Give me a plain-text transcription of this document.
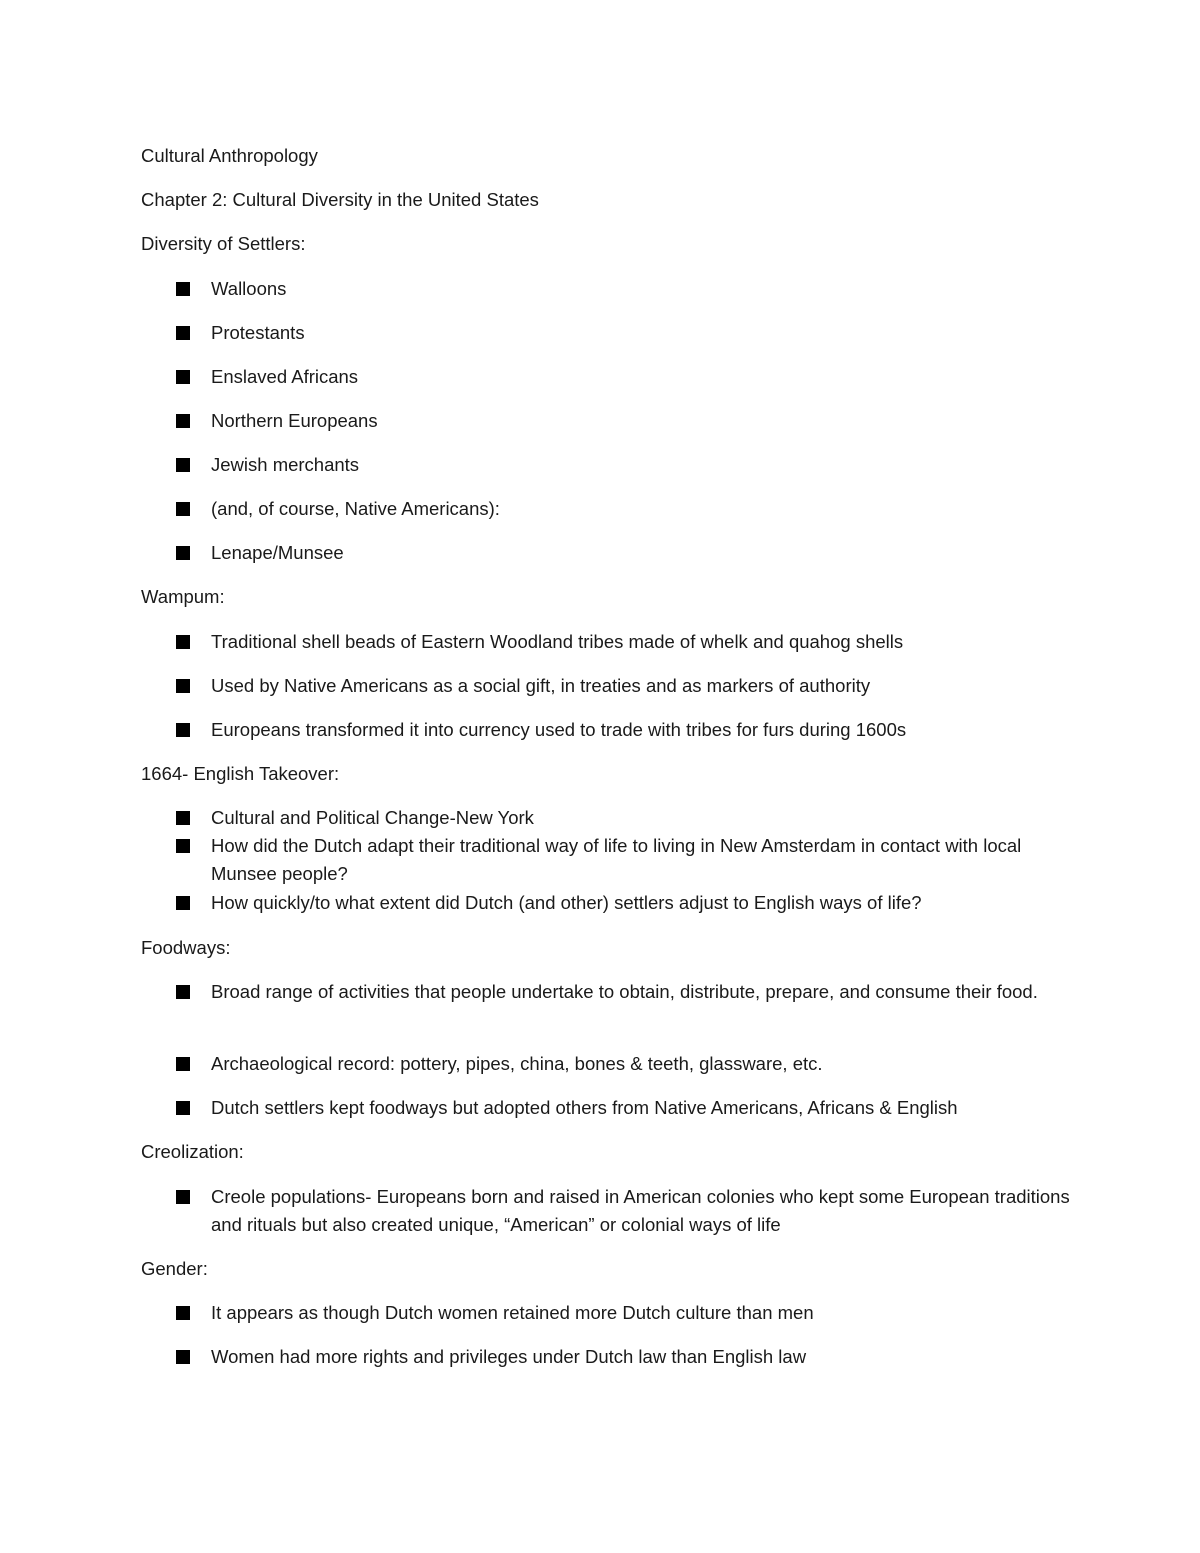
Cultural Anthropology
Chapter 2: Cultural Diversity in the United States
Diversity of Settlers:
Walloons
Protestants
Enslaved Africans
Northern Europeans
Jewish merchants
(and, of course, Native Americans):
Lenape/Munsee
Wampum:
Traditional shell beads of Eastern Woodland tribes made of whelk and quahog shells
Used by Native Americans as a social gift, in treaties and as markers of authority
Europeans transformed it into currency used to trade with tribes for furs during 1600s
1664- English Takeover:
Cultural and Political Change-New York
How did the Dutch adapt their traditional way of life to living in New Amsterdam in contact with local Munsee people?
How quickly/to what extent did Dutch (and other) settlers adjust to English ways of life?
Foodways:
Broad range of activities that people undertake to obtain, distribute, prepare, and consume their food.
Archaeological record: pottery, pipes, china, bones & teeth, glassware, etc.
Dutch settlers kept foodways but adopted others from Native Americans, Africans & English
Creolization:
Creole populations- Europeans born and raised in American colonies who kept some European traditions and rituals but also created unique, “American” or colonial ways of life
Gender:
It appears as though Dutch women retained more Dutch culture than men
Women had more rights and privileges under Dutch law than English law
